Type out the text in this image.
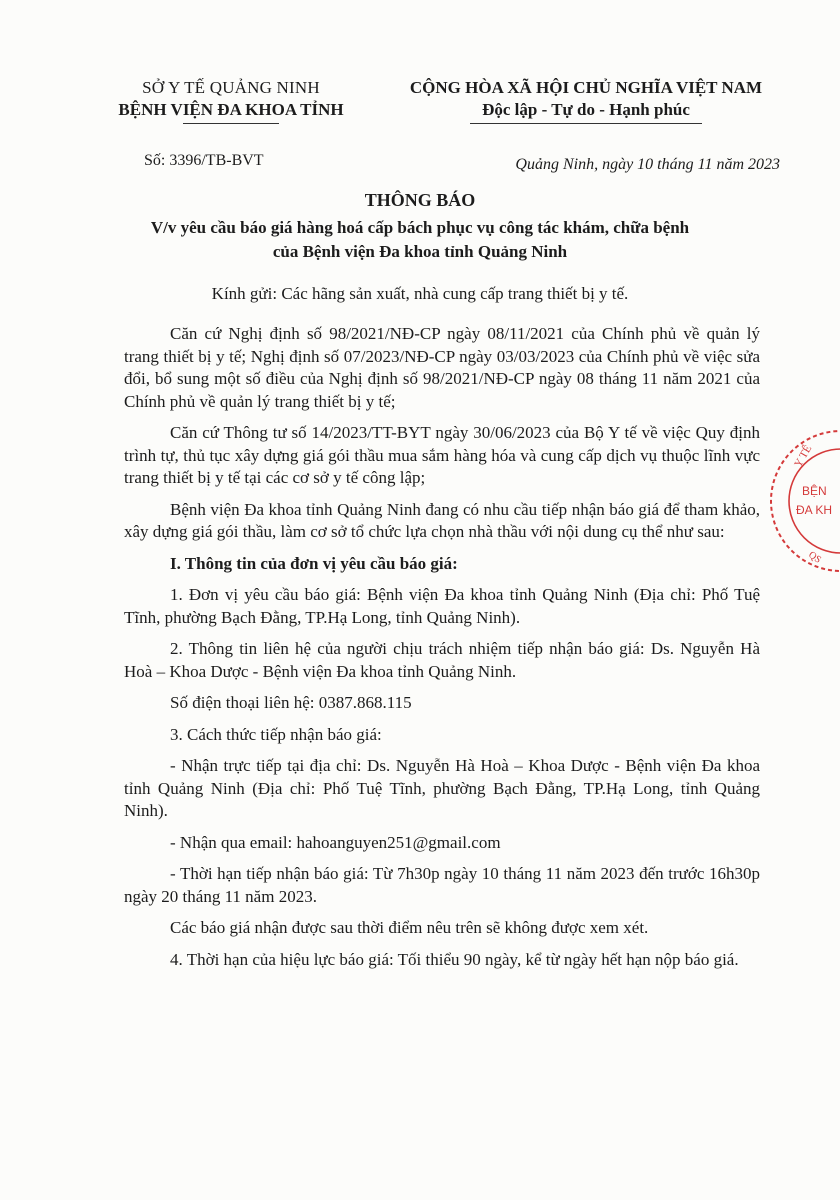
SỞ Y TẾ QUẢNG NINH
BỆNH VIỆN ĐA KHOA TỈNH
CỘNG HÒA XÃ HỘI CHỦ NGHĨA VIỆT NAM
Độc lập - Tự do - Hạnh phúc
Số: 3396/TB-BVT	Quảng Ninh, ngày 10 tháng 11 năm 2023
THÔNG BÁO
V/v yêu cầu báo giá hàng hoá cấp bách phục vụ công tác khám, chữa bệnh
của Bệnh viện Đa khoa tỉnh Quảng Ninh
Kính gửi: Các hãng sản xuất, nhà cung cấp trang thiết bị y tế.

Căn cứ Nghị định số 98/2021/NĐ-CP ngày 08/11/2021 của Chính phủ về quản lý trang thiết bị y tế; Nghị định số 07/2023/NĐ-CP ngày 03/03/2023 của Chính phủ về việc sửa đổi, bổ sung một số điều của Nghị định số 98/2021/NĐ-CP ngày 08 tháng 11 năm 2021 của Chính phủ về quản lý trang thiết bị y tế;

Căn cứ Thông tư số 14/2023/TT-BYT ngày 30/06/2023 của Bộ Y tế về việc Quy định trình tự, thủ tục xây dựng giá gói thầu mua sắm hàng hóa và cung cấp dịch vụ thuộc lĩnh vực trang thiết bị y tế tại các cơ sở y tế công lập;

Bệnh viện Đa khoa tỉnh Quảng Ninh đang có nhu cầu tiếp nhận báo giá để tham khảo, xây dựng giá gói thầu, làm cơ sở tổ chức lựa chọn nhà thầu với nội dung cụ thể như sau:

I. Thông tin của đơn vị yêu cầu báo giá:

1. Đơn vị yêu cầu báo giá: Bệnh viện Đa khoa tỉnh Quảng Ninh (Địa chỉ: Phố Tuệ Tĩnh, phường Bạch Đằng, TP.Hạ Long, tỉnh Quảng Ninh).

2. Thông tin liên hệ của người chịu trách nhiệm tiếp nhận báo giá: Ds. Nguyễn Hà Hoà – Khoa Dược - Bệnh viện Đa khoa tỉnh Quảng Ninh.

Số điện thoại liên hệ: 0387.868.115

3. Cách thức tiếp nhận báo giá:

- Nhận trực tiếp tại địa chỉ: Ds. Nguyễn Hà Hoà – Khoa Dược - Bệnh viện Đa khoa tỉnh Quảng Ninh (Địa chỉ: Phố Tuệ Tĩnh, phường Bạch Đằng, TP.Hạ Long, tỉnh Quảng Ninh).

- Nhận qua email: hahoanguyen251@gmail.com

- Thời hạn tiếp nhận báo giá: Từ 7h30p ngày 10 tháng 11 năm 2023 đến trước 16h30p ngày 20 tháng 11 năm 2023.

Các báo giá nhận được sau thời điểm nêu trên sẽ không được xem xét.

4. Thời hạn của hiệu lực báo giá: Tối thiểu 90 ngày, kể từ ngày hết hạn nộp báo giá.

Y TẾ
BỆN
ĐA KH
QS
